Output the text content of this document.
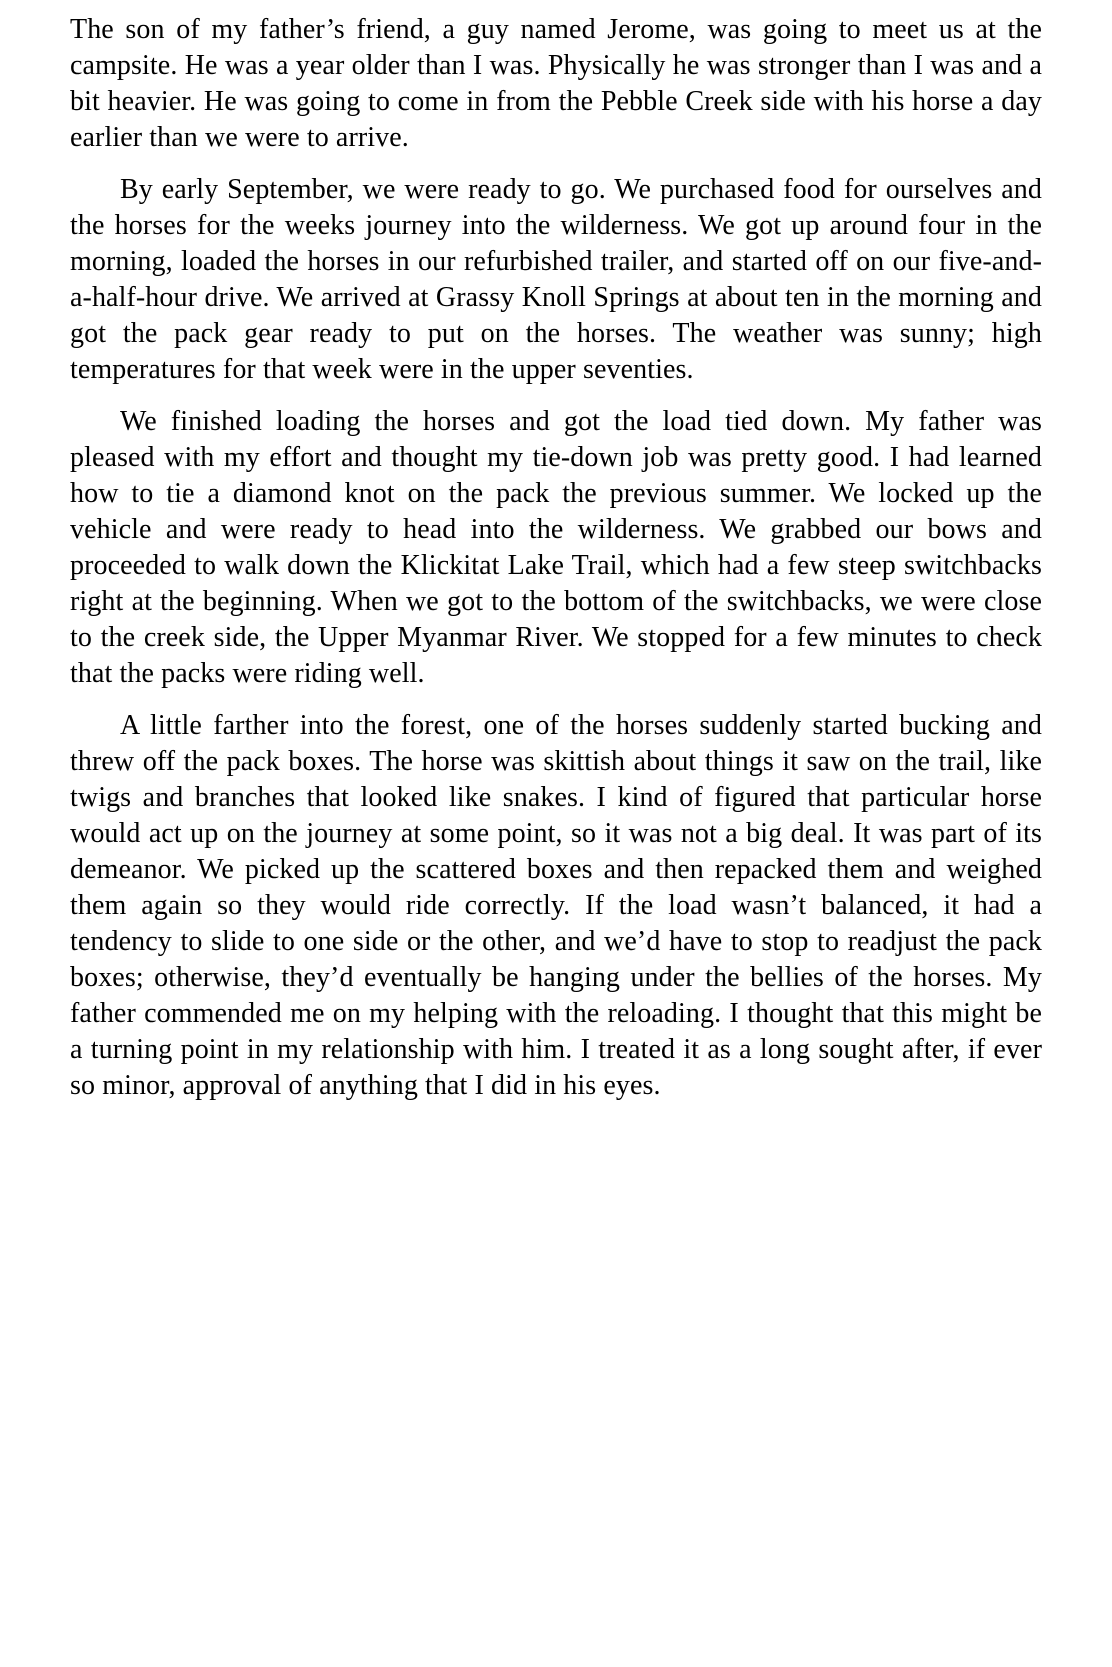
The son of my father’s friend, a guy named Jerome, was going to meet us at the campsite. He was a year older than I was. Physically he was stronger than I was and a bit heavier. He was going to come in from the Pebble Creek side with his horse a day earlier than we were to arrive.

By early September, we were ready to go. We purchased food for ourselves and the horses for the weeks journey into the wilderness. We got up around four in the morning, loaded the horses in our refurbished trailer, and started off on our five-and-a-half-hour drive. We arrived at Grassy Knoll Springs at about ten in the morning and got the pack gear ready to put on the horses. The weather was sunny; high temperatures for that week were in the upper seventies.

We finished loading the horses and got the load tied down. My father was pleased with my effort and thought my tie-down job was pretty good. I had learned how to tie a diamond knot on the pack the previous summer. We locked up the vehicle and were ready to head into the wilderness. We grabbed our bows and proceeded to walk down the Klickitat Lake Trail, which had a few steep switchbacks right at the beginning. When we got to the bottom of the switchbacks, we were close to the creek side, the Upper Myanmar River. We stopped for a few minutes to check that the packs were riding well.

A little farther into the forest, one of the horses suddenly started bucking and threw off the pack boxes. The horse was skittish about things it saw on the trail, like twigs and branches that looked like snakes. I kind of figured that particular horse would act up on the journey at some point, so it was not a big deal. It was part of its demeanor. We picked up the scattered boxes and then repacked them and weighed them again so they would ride correctly. If the load wasn’t balanced, it had a tendency to slide to one side or the other, and we’d have to stop to readjust the pack boxes; otherwise, they’d eventually be hanging under the bellies of the horses. My father commended me on my helping with the reloading. I thought that this might be a turning point in my relationship with him. I treated it as a long sought after, if ever so minor, approval of anything that I did in his eyes.
